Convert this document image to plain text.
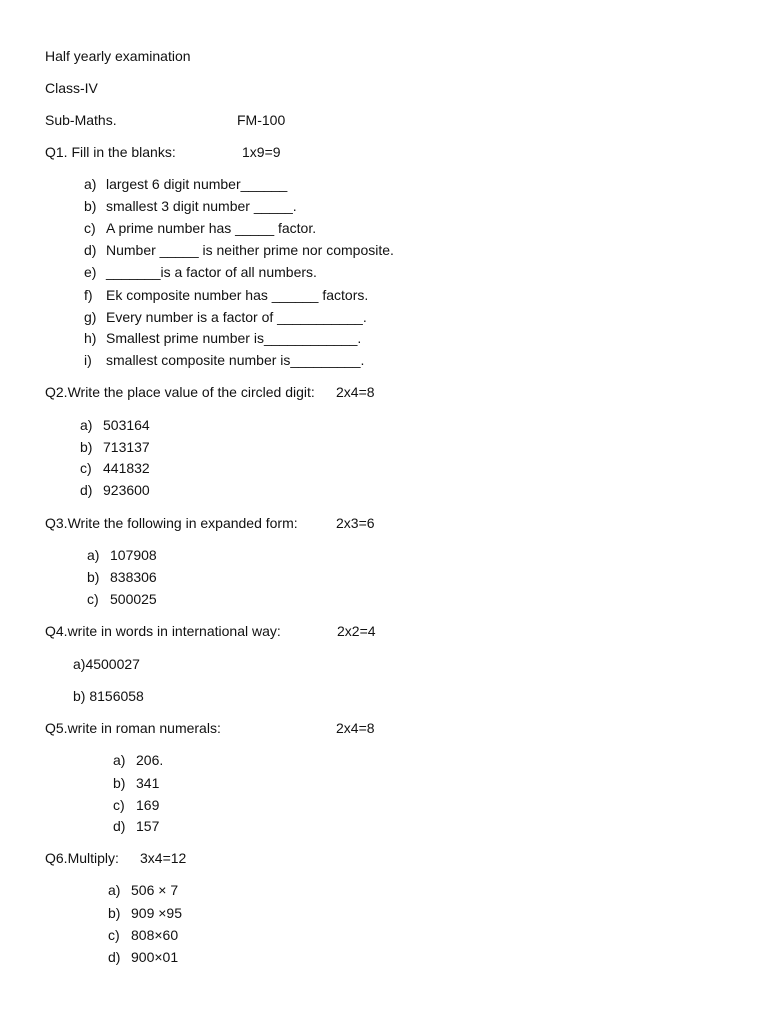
Half yearly examination
Class-IV
Sub-Maths.	FM-100
Q1. Fill in the blanks:	1x9=9
a) largest 6 digit number______
b) smallest 3 digit number _____.
c) A prime number has _____ factor.
d) Number _____ is neither prime nor composite.
e) _______is a factor of all numbers.
f) Ek composite number has ______ factors.
g) Every number is a factor of ___________.
h) Smallest prime number is____________.
i) smallest composite number is_________.
Q2.Write the place value of the circled digit: 2x4=8
a) 503164
b) 713137
c) 441832
d) 923600
Q3.Write the following in expanded form:	2x3=6
a) 107908
b) 838306
c) 500025
Q4.write in words in international way:	2x2=4
a)4500027
b) 8156058
Q5.write in roman numerals:	2x4=8
a) 206.
b) 341
c) 169
d) 157
Q6.Multiply: 3x4=12
a) 506 × 7
b) 909 ×95
c) 808×60
d) 900×01
